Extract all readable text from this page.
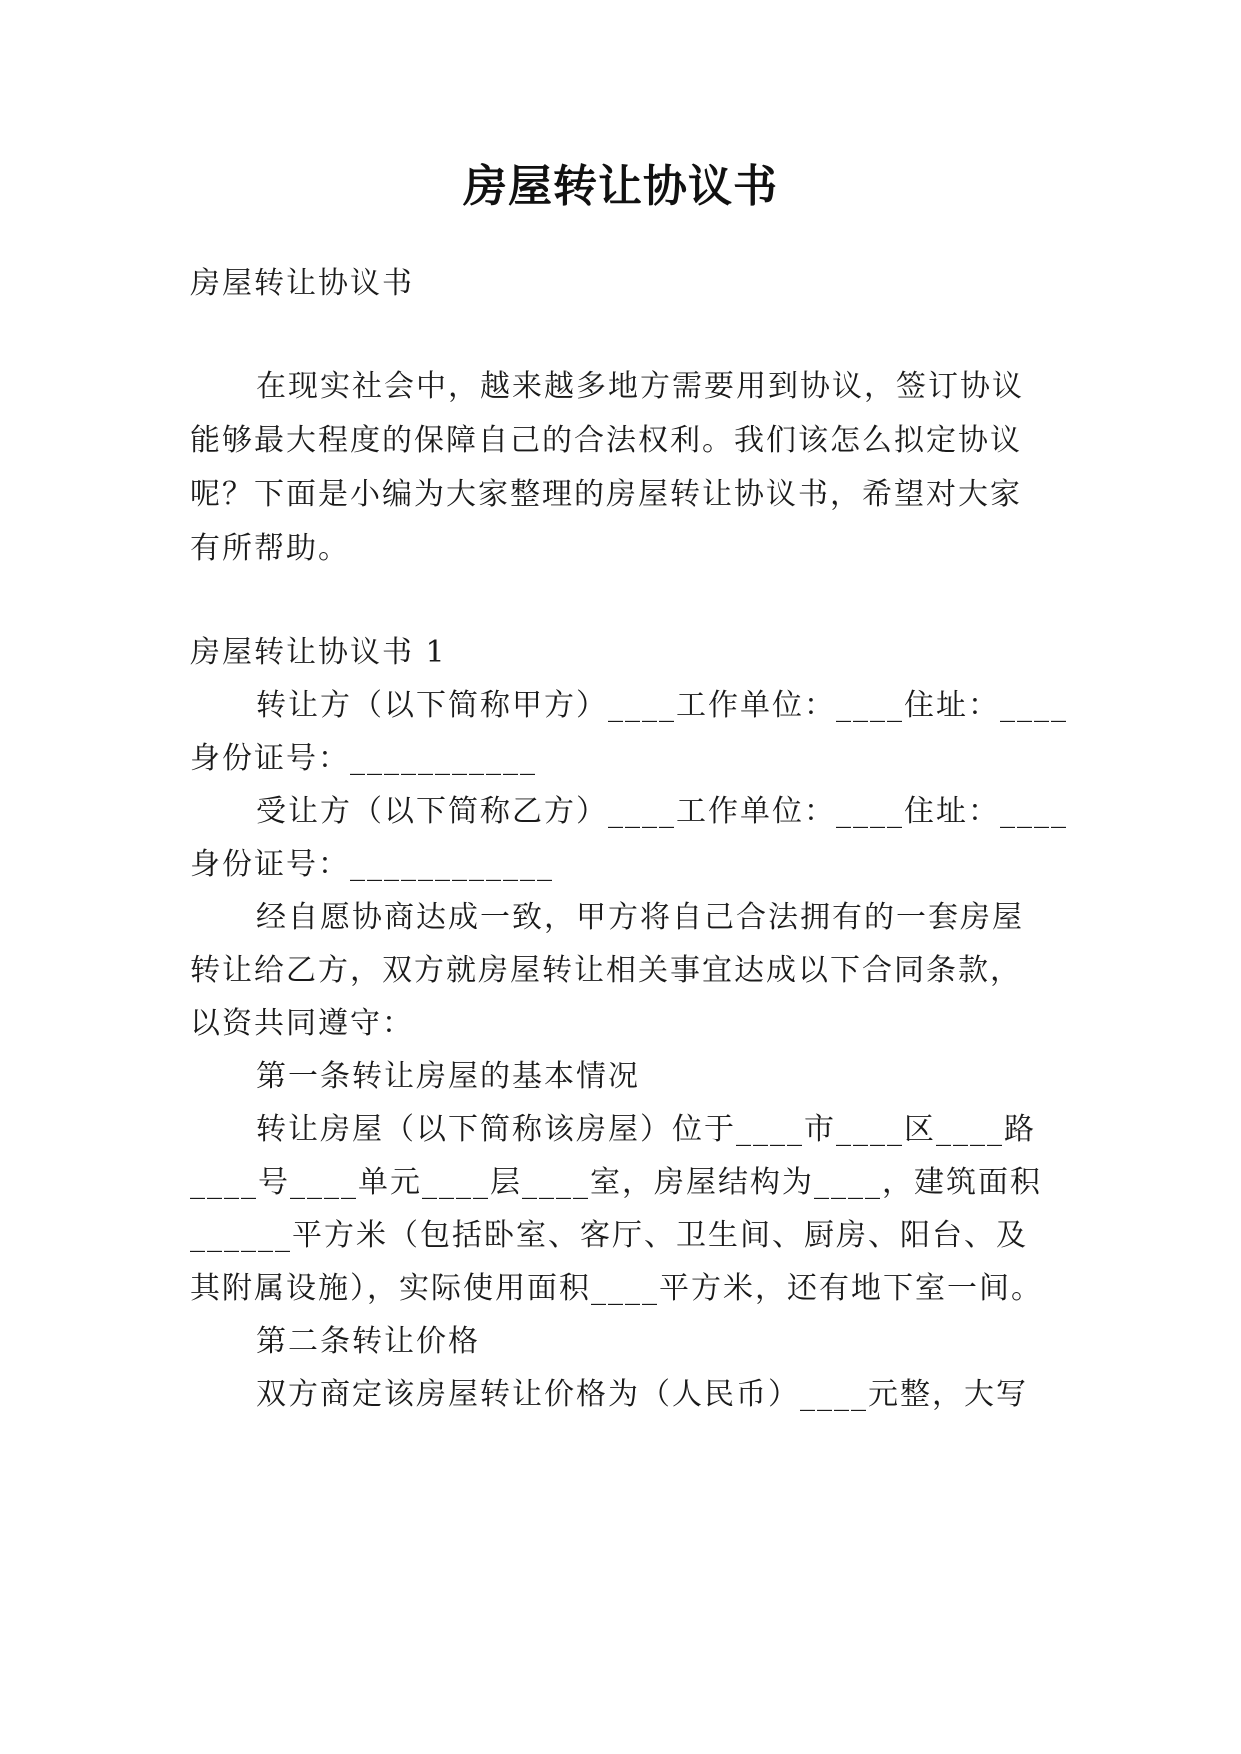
房屋转让协议书
房屋转让协议书
在现实社会中，越来越多地方需要用到协议，签订协议
能够最大程度的保障自己的合法权利。我们该怎么拟定协议
呢？下面是小编为大家整理的房屋转让协议书，希望对大家
有所帮助。
房屋转让协议书 1
转让方（以下简称甲方）____工作单位：____住址：____
身份证号：___________
受让方（以下简称乙方）____工作单位：____住址：____
身份证号：____________
经自愿协商达成一致，甲方将自己合法拥有的一套房屋
转让给乙方，双方就房屋转让相关事宜达成以下合同条款，
以资共同遵守：
第一条转让房屋的基本情况
转让房屋（以下简称该房屋）位于____市____区____路
____号____单元____层____室，房屋结构为____，建筑面积
______平方米（包括卧室、客厅、卫生间、厨房、阳台、及
其附属设施），实际使用面积____平方米，还有地下室一间。
第二条转让价格
双方商定该房屋转让价格为（人民币）____元整，大写
